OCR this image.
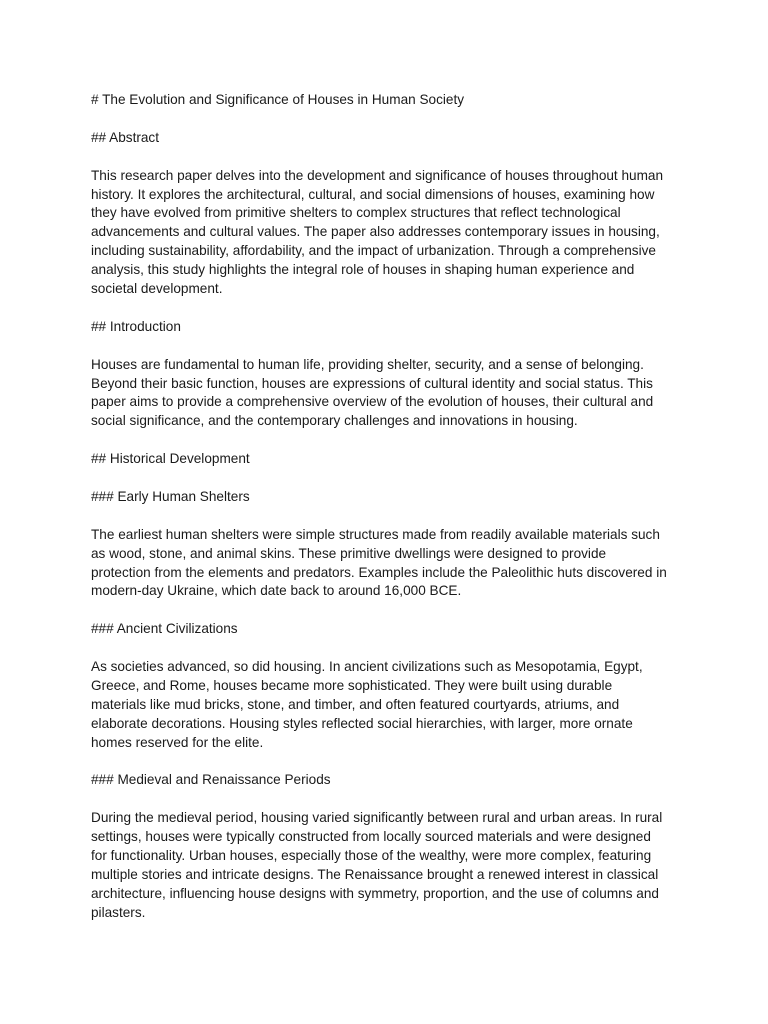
# The Evolution and Significance of Houses in Human Society
## Abstract
This research paper delves into the development and significance of houses throughout human
history. It explores the architectural, cultural, and social dimensions of houses, examining how
they have evolved from primitive shelters to complex structures that reflect technological
advancements and cultural values. The paper also addresses contemporary issues in housing,
including sustainability, affordability, and the impact of urbanization. Through a comprehensive
analysis, this study highlights the integral role of houses in shaping human experience and
societal development.
## Introduction
Houses are fundamental to human life, providing shelter, security, and a sense of belonging.
Beyond their basic function, houses are expressions of cultural identity and social status. This
paper aims to provide a comprehensive overview of the evolution of houses, their cultural and
social significance, and the contemporary challenges and innovations in housing.
## Historical Development
### Early Human Shelters
The earliest human shelters were simple structures made from readily available materials such
as wood, stone, and animal skins. These primitive dwellings were designed to provide
protection from the elements and predators. Examples include the Paleolithic huts discovered in
modern-day Ukraine, which date back to around 16,000 BCE.
### Ancient Civilizations
As societies advanced, so did housing. In ancient civilizations such as Mesopotamia, Egypt,
Greece, and Rome, houses became more sophisticated. They were built using durable
materials like mud bricks, stone, and timber, and often featured courtyards, atriums, and
elaborate decorations. Housing styles reflected social hierarchies, with larger, more ornate
homes reserved for the elite.
### Medieval and Renaissance Periods
During the medieval period, housing varied significantly between rural and urban areas. In rural
settings, houses were typically constructed from locally sourced materials and were designed
for functionality. Urban houses, especially those of the wealthy, were more complex, featuring
multiple stories and intricate designs. The Renaissance brought a renewed interest in classical
architecture, influencing house designs with symmetry, proportion, and the use of columns and
pilasters.
